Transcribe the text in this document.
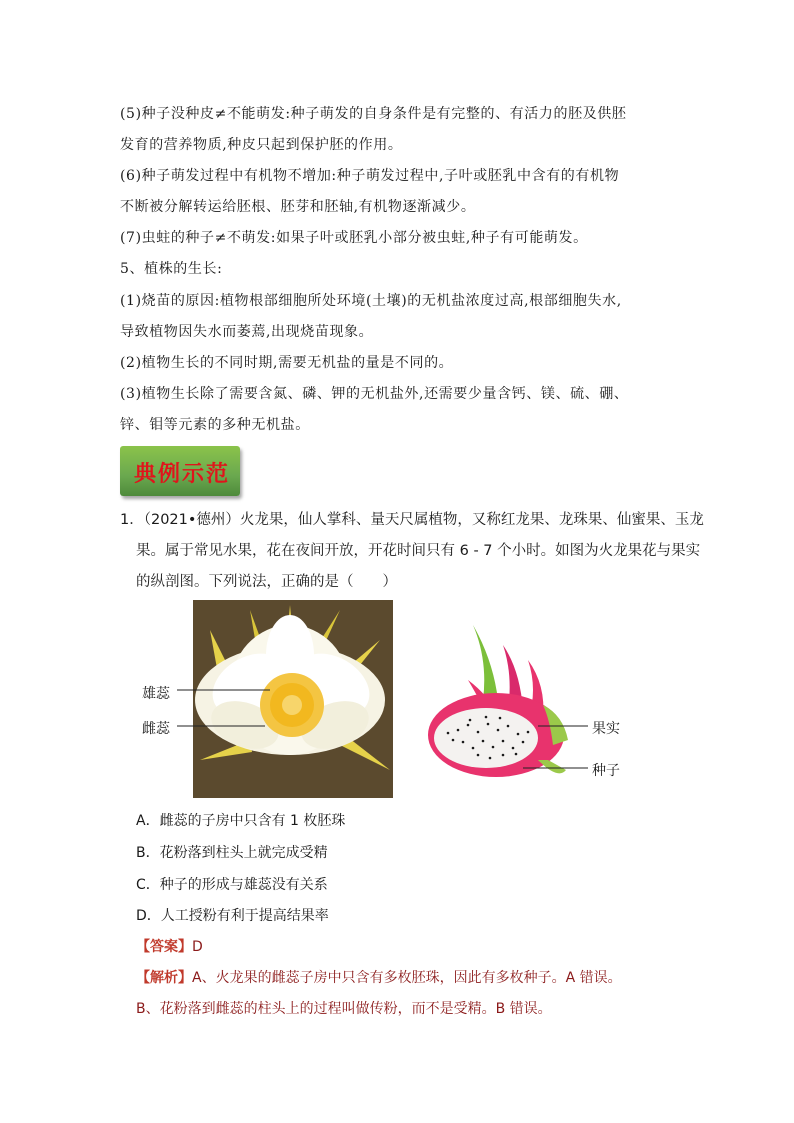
(5)种子没种皮≠不能萌发:种子萌发的自身条件是有完整的、有活力的胚及供胚
发育的营养物质,种皮只起到保护胚的作用。
(6)种子萌发过程中有机物不增加:种子萌发过程中,子叶或胚乳中含有的有机物
不断被分解转运给胚根、胚芽和胚轴,有机物逐渐减少。
(7)虫蛀的种子≠不萌发:如果子叶或胚乳小部分被虫蛀,种子有可能萌发。
5、植株的生长:
(1)烧苗的原因:植物根部细胞所处环境(土壤)的无机盐浓度过高,根部细胞失水,
导致植物因失水而萎蔫,出现烧苗现象。
(2)植物生长的不同时期,需要无机盐的量是不同的。
(3)植物生长除了需要含氮、磷、钾的无机盐外,还需要少量含钙、镁、硫、硼、
锌、钼等元素的多种无机盐。
典例示范
1．（2021•德州）火龙果，仙人掌科、量天尺属植物，又称红龙果、龙珠果、仙蜜果、玉龙
果。属于常见水果，花在夜间开放，开花时间只有 6 - 7 个小时。如图为火龙果花与果实
的纵剖图。下列说法，正确的是（　　）
雄蕊
雌蕊	果实
种子
A．雌蕊的子房中只含有 1 枚胚珠
B．花粉落到柱头上就完成受精
C．种子的形成与雄蕊没有关系
D．人工授粉有利于提高结果率
【答案】D
【解析】A、火龙果的雌蕊子房中只含有多枚胚珠，因此有多枚种子。A 错误。
B、花粉落到雌蕊的柱头上的过程叫做传粉，而不是受精。B 错误。
